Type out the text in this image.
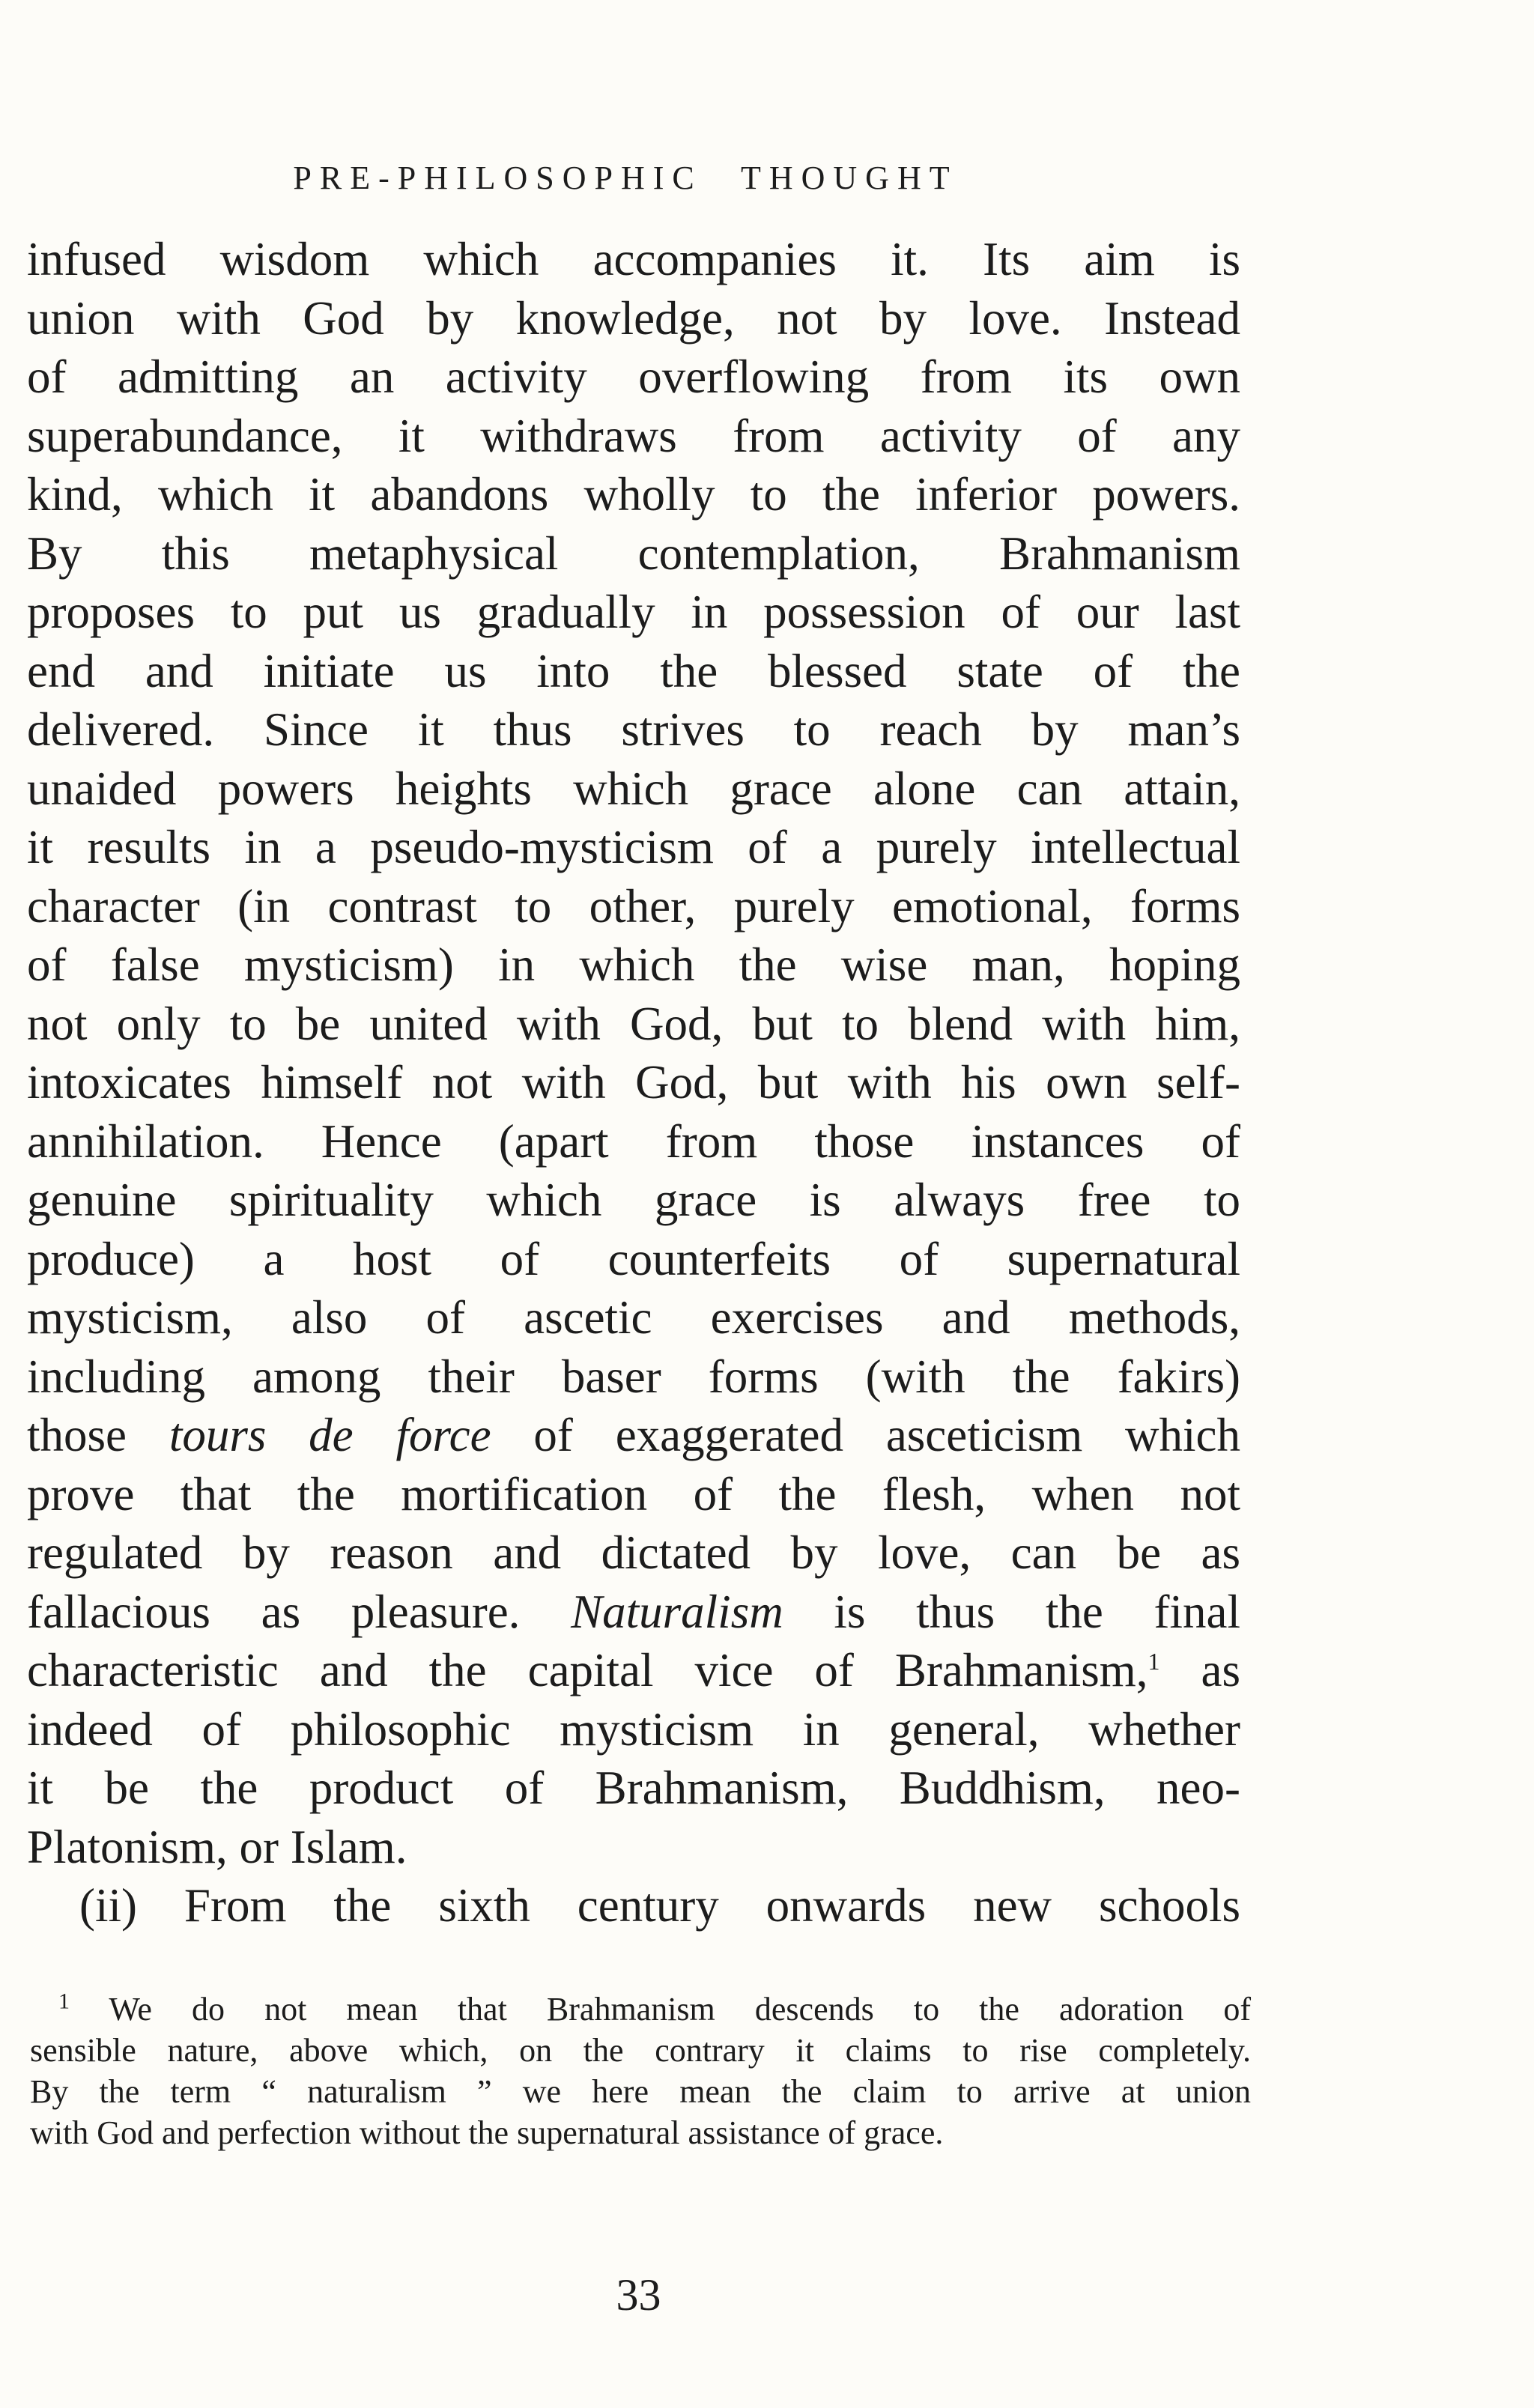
PRE-PHILOSOPHIC THOUGHT
infused wisdom which accompanies it. Its aim is
union with God by knowledge, not by love. Instead
of admitting an activity overflowing from its own
superabundance, it withdraws from activity of any
kind, which it abandons wholly to the inferior powers.
By this metaphysical contemplation, Brahmanism
proposes to put us gradually in possession of our last
end and initiate us into the blessed state of the
delivered. Since it thus strives to reach by man’s
unaided powers heights which grace alone can attain,
it results in a pseudo-mysticism of a purely intellectual
character (in contrast to other, purely emotional, forms
of false mysticism) in which the wise man, hoping
not only to be united with God, but to blend with him,
intoxicates himself not with God, but with his own self-
annihilation. Hence (apart from those instances of
genuine spirituality which grace is always free to
produce) a host of counterfeits of supernatural
mysticism, also of ascetic exercises and methods,
including among their baser forms (with the fakirs)
those tours de force of exaggerated asceticism which
prove that the mortification of the flesh, when not
regulated by reason and dictated by love, can be as
fallacious as pleasure. Naturalism is thus the final
characteristic and the capital vice of Brahmanism,$^1$ as
indeed of philosophic mysticism in general, whether
it be the product of Brahmanism, Buddhism, neo-
Platonism, or Islam.
(ii) From the sixth century onwards new schools
$^1$ We do not mean that Brahmanism descends to the adoration of
sensible nature, above which, on the contrary it claims to rise completely.
By the term “ naturalism ” we here mean the claim to arrive at union
with God and perfection without the supernatural assistance of grace.
33
